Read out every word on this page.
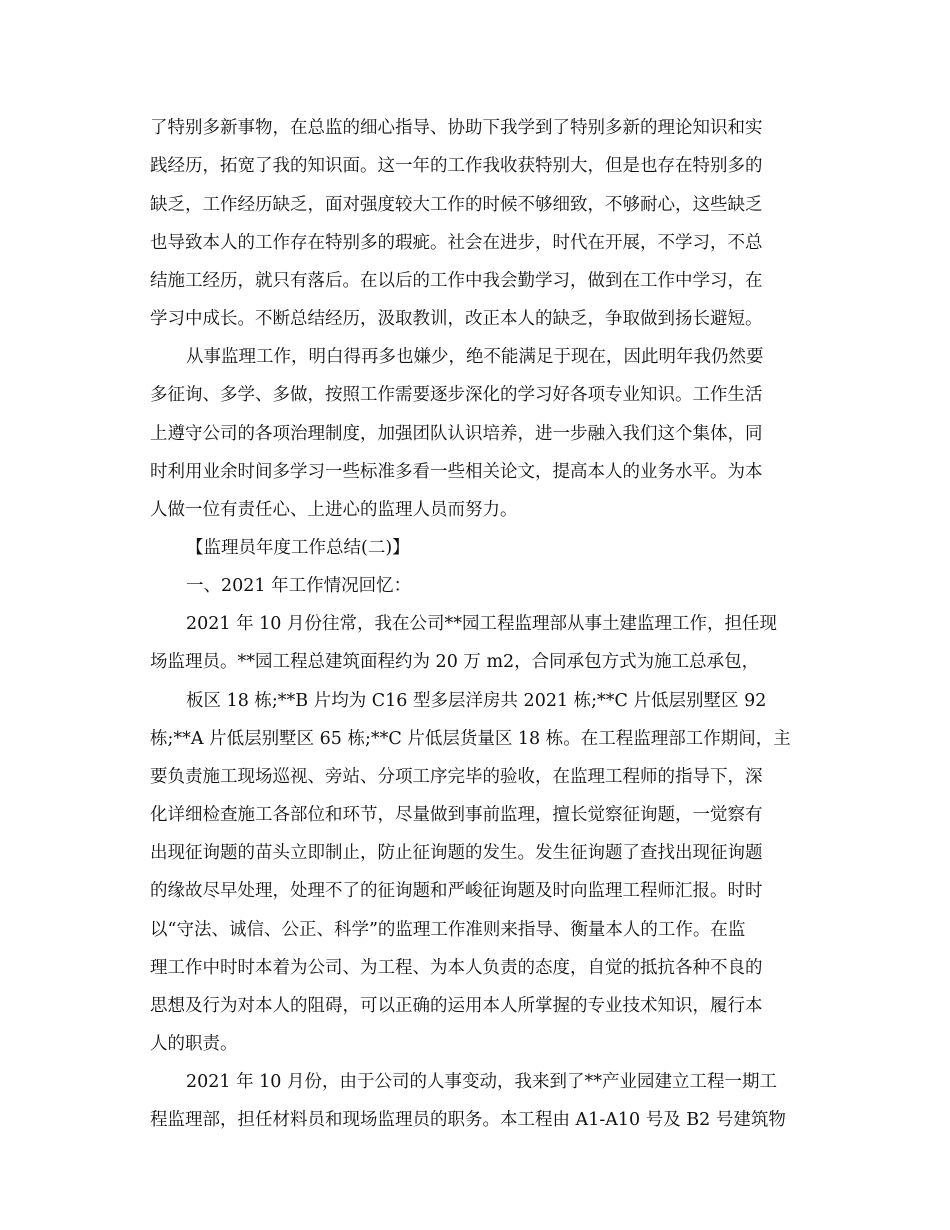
了特别多新事物，在总监的细心指导、协助下我学到了特别多新的理论知识和实
践经历，拓宽了我的知识面。这一年的工作我收获特别大，但是也存在特别多的
缺乏，工作经历缺乏，面对强度较大工作的时候不够细致，不够耐心，这些缺乏
也导致本人的工作存在特别多的瑕疵。社会在进步，时代在开展，不学习，不总
结施工经历，就只有落后。在以后的工作中我会勤学习，做到在工作中学习，在
学习中成长。不断总结经历，汲取教训，改正本人的缺乏，争取做到扬长避短。
从事监理工作，明白得再多也嫌少，绝不能满足于现在，因此明年我仍然要
多征询、多学、多做，按照工作需要逐步深化的学习好各项专业知识。工作生活
上遵守公司的各项治理制度，加强团队认识培养，进一步融入我们这个集体，同
时利用业余时间多学习一些标准多看一些相关论文，提高本人的业务水平。为本
人做一位有责任心、上进心的监理人员而努力。
【监理员年度工作总结(二)】
一、2021 年工作情况回忆：
2021 年 10 月份往常，我在公司**园工程监理部从事土建监理工作，担任现
场监理员。**园工程总建筑面程约为 20 万 m2，合同承包方式为施工总承包，
板区 18 栋;**B 片均为 C16 型多层洋房共 2021 栋;**C 片低层别墅区 92
栋;**A 片低层别墅区 65 栋;**C 片低层货量区 18 栋。在工程监理部工作期间，主
要负责施工现场巡视、旁站、分项工序完毕的验收，在监理工程师的指导下，深
化详细检查施工各部位和环节，尽量做到事前监理，擅长觉察征询题，一觉察有
出现征询题的苗头立即制止，防止征询题的发生。发生征询题了查找出现征询题
的缘故尽早处理，处理不了的征询题和严峻征询题及时向监理工程师汇报。时时
以“守法、诚信、公正、科学”的监理工作准则来指导、衡量本人的工作。在监
理工作中时时本着为公司、为工程、为本人负责的态度，自觉的抵抗各种不良的
思想及行为对本人的阻碍，可以正确的运用本人所掌握的专业技术知识，履行本
人的职责。
2021 年 10 月份，由于公司的人事变动，我来到了**产业园建立工程一期工
程监理部，担任材料员和现场监理员的职务。本工程由 A1-A10 号及 B2 号建筑物
